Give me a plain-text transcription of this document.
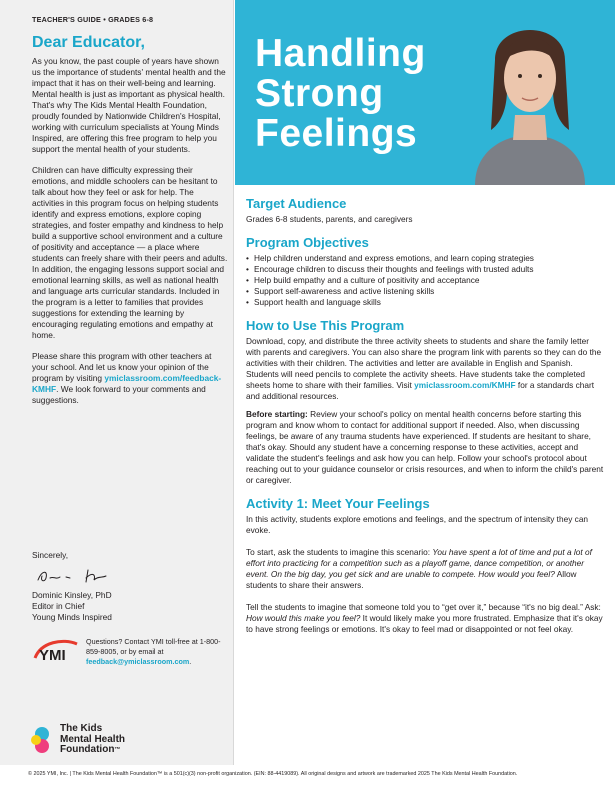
TEACHER'S GUIDE • GRADES 6-8
Dear Educator,

As you know, the past couple of years have shown us the importance of students' mental health and the impact that it has on their well-being and learning. Mental health is just as important as physical health. That's why The Kids Mental Health Foundation, proudly founded by Nationwide Children's Hospital, working with curriculum specialists at Young Minds Inspired, are offering this free program to help you support the mental health of your students.

Children can have difficulty expressing their emotions, and middle schoolers can be hesitant to talk about how they feel or ask for help. The activities in this program focus on helping students identify and express emotions, explore coping strategies, and foster empathy and kindness to help build a supportive school environment and a culture of positivity and acceptance — a place where students can freely share with their peers and adults. In addition, the engaging lessons support social and emotional learning skills, as well as national health and language arts curricular standards. Included in the program is a letter to families that provides suggestions for extending the learning by encouraging regulating emotions and empathy at home.

Please share this program with other teachers at your school. And let us know your opinion of the program by visiting ymiclassroom.com/feedback-KMHF. We look forward to your comments and suggestions.

Sincerely,
Dominic Kinsley, PhD
Editor in Chief
Young Minds Inspired
YMI
Questions? Contact YMI toll-free at 1-800-859-8005, or by email at feedback@ymiclassroom.com.
The Kids
Mental Health
Foundation™
Handling
Strong
Feelings
Target Audience
Grades 6-8 students, parents, and caregivers
Program Objectives
• Help children understand and express emotions, and learn coping strategies
• Encourage children to discuss their thoughts and feelings with trusted adults
• Help build empathy and a culture of positivity and acceptance
• Support self-awareness and active listening skills
• Support health and language skills
How to Use This Program
Download, copy, and distribute the three activity sheets to students and share the family letter with parents and caregivers. You can also share the program link with parents so they can do the activities with their children. The activities and letter are available in English and Spanish. Students will need pencils to complete the activity sheets. Have students take the completed sheets home to share with their families. Visit ymiclassroom.com/KMHF for a standards chart and additional resources.
Before starting: Review your school's policy on mental health concerns before starting this program and know whom to contact for additional support if needed. Also, when discussing feelings, be aware of any trauma students have experienced. If students are hesitant to share, that's okay. Should any student have a concerning response to these activities, accept and validate the student's feelings and ask how you can help. Follow your school's protocol about reaching out to your guidance counselor or crisis resources, and when to inform the child's parent or caregiver.
Activity 1: Meet Your Feelings
In this activity, students explore emotions and feelings, and the spectrum of intensity they can evoke.
To start, ask the students to imagine this scenario: You have spent a lot of time and put a lot of effort into practicing for a competition such as a playoff game, dance competition, or another event. On the big day, you get sick and are unable to compete. How would you feel? Allow students to share their answers.
Tell the students to imagine that someone told you to “get over it,” because “it's no big deal.” Ask: How would this make you feel? It would likely make you more frustrated. Emphasize that it's okay to have strong feelings or emotions. It's okay to feel mad or disappointed or not feel okay.
© 2025 YMI, Inc. | The Kids Mental Health Foundation™ is a 501(c)(3) non-profit organization. (EIN: 88-4419089). All original designs and artwork are trademarked 2025 The Kids Mental Health Foundation.
